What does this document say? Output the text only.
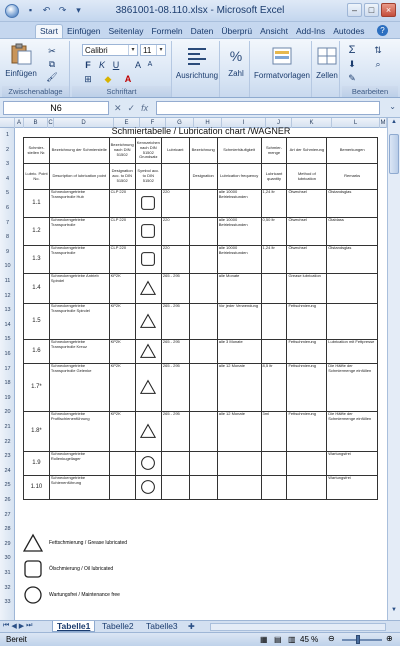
▪	↶ ↷	▾	3861001-08.110.xlsx - Microsoft Excel	–	□	×
Start	Einfügen Seitenlay Formeln Daten Überprü Ansicht Add-Ins Autodes	?
Einfügen
✂
⧉
🖌
Zwischenablage
Calibri	▾	11	▾
F K U	A A
⊞ ◆	A
Schriftart
Ausrichtung
%
Zahl	Formatvorlagen Zellen
Σ ⇅
⬇	⌕
✎
Bearbeiten
N6	✕ ✓ fx	⌄
A	B	C	D	E	F	G	H	I	J	K	L	M
1
2
3
4
5
6
7
8
9
10
11
12
13
14
15
16
17
18
19
20
21
22
23
24
25
26
27
28
29
30
31
32
33
Schmiertabelle / Lubrication chart /WAGNER
Schmier-stellen Nr.	Bezeichnung der Schmierstelle	Bezeichnung nach DIN 51502	Kennzeichen nach DIN 51502 Grundsatz	Lubricant	Bezeichnung	Schmierhäufigkeit	Schmier-menge	Art der Schmierung	Bemerkungen
Lubric. Point No.	Description of lubrication point	Designation acc. to DIN 51502	Symbol acc. to DIN 51502		Designation	Lubrication frequency	Lubricant quantity	Method of lubrication	Remarks
1.1	Schneckengetriebe Transportrolle Hub	CLP 220		220		alle 10000 Betriebsstunden	1,24 ltr	Ölwechsel	Ölstandsglas
1.2	Schneckengetriebe Transportrolle	CLP 220		220		alle 10000 Betriebsstunden	0,50 ltr	Ölwechsel	Ölablass
1.3	Schneckengetriebe Transportrolle	CLP 220		220		alle 10000 Betriebsstunden	1,24 ltr	Ölwechsel	Ölstandsglas
1.4	Schneckengetriebe Antrieb Spindel	KP2K		265 - 295		alle Monate		Grease lubrication	
1.5	Schneckengetriebe Transportrolle Spindel	KP2K		265 - 295		Vor jeder Verwendung		Fettschmierung	
1.6	Schneckengetriebe Transportrolle Kreuz	KP2K		265 - 295		alle 3 Monate		Fettschmierung	Lubrication mit Fettpresse
1.7*	Schneckengetriebe Transportrolle Gelenke	KP2K		265 - 295		alle 12 Monate	8,5 ltr	Fettschmierung	Die Hälfte der Schmiermenge einfüllen
1.8*	Schneckengetriebe Profilschienenführung	KP2K		265 - 295		alle 12 Monate	3ml	Fettschmierung	Die Hälfte der Schmiermenge einfüllen
1.9	Schneckengetriebe Rollenkugellager								Wartungsfrei
1.10	Schneckengetriebe Schienenführung								Wartungsfrei
Fettschmierung / Grease lubricated
Ölschmierung / Oil lubricated
Wartungsfrei / Maintenance free
▲
▼
⏮ ◀ ▶ ⏭	Tabelle1	Tabelle2	Tabelle3	✚
Bereit	▦ ▤ ▥ 45 % ⊖	⊕
